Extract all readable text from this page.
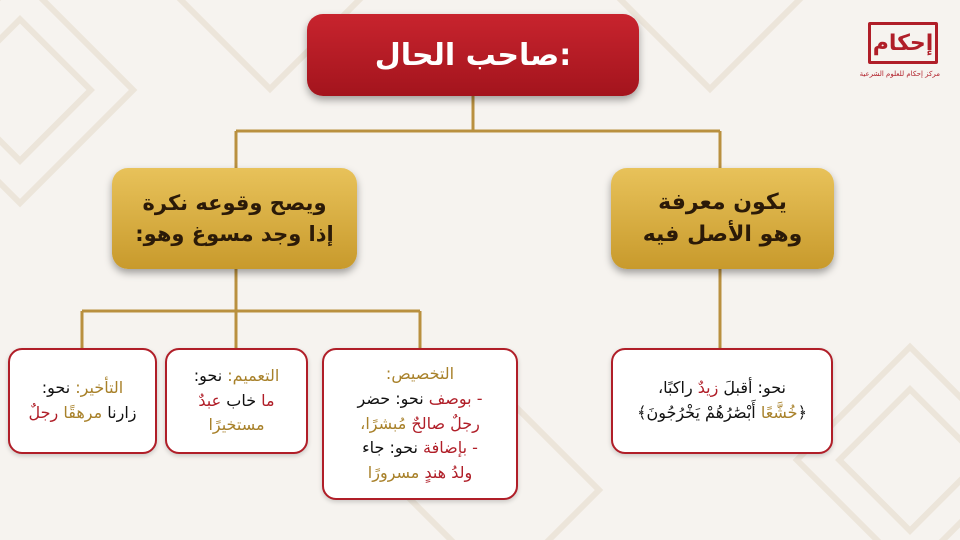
إحكام
مركز إحكام للعلوم الشرعية
صاحب الحال:
يكون معرفة
وهو الأصل فيه
ويصح وقوعه نكرة
إذا وجد مسوغ وهو:
نحو: أقبلَ زيدٌ راكبًا،
﴿خُشَّعًا أَبْصَٰرُهُمْ يَخْرُجُونَ﴾
التخصيص:
- بوصف نحو: حضر
رجلٌ صالحٌ مُبشرًا،
- بإضافة نحو: جاء
ولدُ هندٍ مسرورًا
التعميم: نحو:
ما خاب عبدٌ
مستخيرًا
التأخير: نحو:
زارنا مرهقًا رجلٌ
